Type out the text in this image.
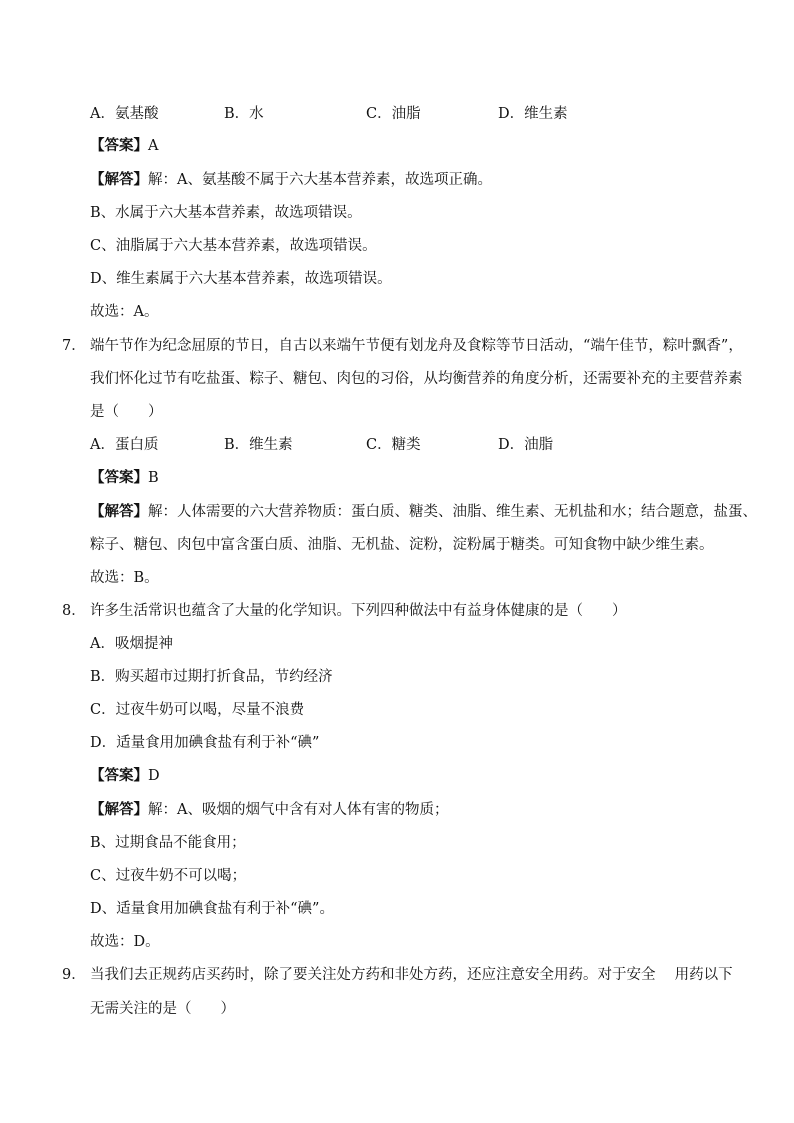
A．氨基酸	B．水	C．油脂	D．维生素
【答案】A
【解答】解：A、氨基酸不属于六大基本营养素，故选项正确。
B、水属于六大基本营养素，故选项错误。
C、油脂属于六大基本营养素，故选项错误。
D、维生素属于六大基本营养素，故选项错误。
故选：A。
7． 端午节作为纪念屈原的节日，自古以来端午节便有划龙舟及食粽等节日活动，“端午佳节，粽叶飘香”，
我们怀化过节有吃盐蛋、粽子、糖包、肉包的习俗，从均衡营养的角度分析，还需要补充的主要营养素
是（　　）
A．蛋白质	B．维生素	C．糖类	D．油脂
【答案】B
【解答】解：人体需要的六大营养物质：蛋白质、糖类、油脂、维生素、无机盐和水；结合题意，盐蛋、
粽子、糖包、肉包中富含蛋白质、油脂、无机盐、淀粉，淀粉属于糖类。可知食物中缺少维生素。
故选：B。
8． 许多生活常识也蕴含了大量的化学知识。下列四种做法中有益身体健康的是（　　）
A．吸烟提神
B．购买超市过期打折食品，节约经济
C．过夜牛奶可以喝，尽量不浪费
D．适量食用加碘食盐有利于补“碘”
【答案】D
【解答】解：A、吸烟的烟气中含有对人体有害的物质；
B、过期食品不能食用；
C、过夜牛奶不可以喝；
D、适量食用加碘食盐有利于补“碘”。
故选：D。
9． 当我们去正规药店买药时，除了要关注处方药和非处方药，还应注意安全用药。对于安全　 用药以下
无需关注的是（　　）
